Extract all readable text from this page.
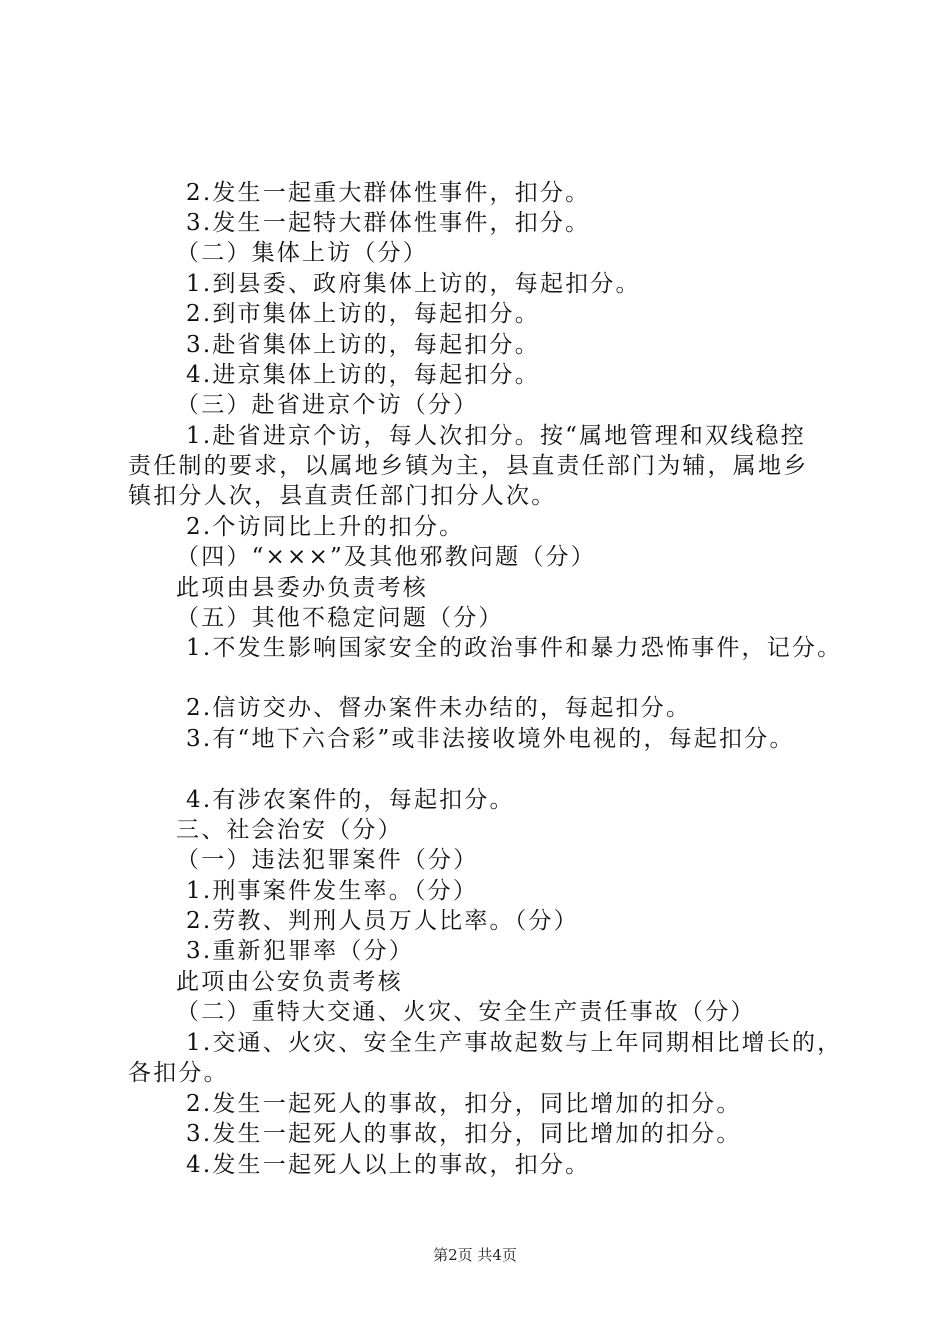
2.发生一起重大群体性事件，扣分。
3.发生一起特大群体性事件，扣分。
（二）集体上访（分）
1.到县委、政府集体上访的，每起扣分。
2.到市集体上访的，每起扣分。
3.赴省集体上访的，每起扣分。
4.进京集体上访的，每起扣分。
（三）赴省进京个访（分）
1.赴省进京个访，每人次扣分。按“属地管理和双线稳控
责任制的要求，以属地乡镇为主，县直责任部门为辅，属地乡
镇扣分人次，县直责任部门扣分人次。
2.个访同比上升的扣分。
（四）“×××”及其他邪教问题（分）
此项由县委办负责考核
（五）其他不稳定问题（分）
1.不发生影响国家安全的政治事件和暴力恐怖事件，记分。
2.信访交办、督办案件未办结的，每起扣分。
3.有“地下六合彩”或非法接收境外电视的，每起扣分。
4.有涉农案件的，每起扣分。
三、社会治安（分）
（一）违法犯罪案件（分）
1.刑事案件发生率。（分）
2.劳教、判刑人员万人比率。（分）
3.重新犯罪率（分）
此项由公安负责考核
（二）重特大交通、火灾、安全生产责任事故（分）
1.交通、火灾、安全生产事故起数与上年同期相比增长的，
各扣分。
2.发生一起死人的事故，扣分，同比增加的扣分。
3.发生一起死人的事故，扣分，同比增加的扣分。
4.发生一起死人以上的事故，扣分。
第2页 共4页
